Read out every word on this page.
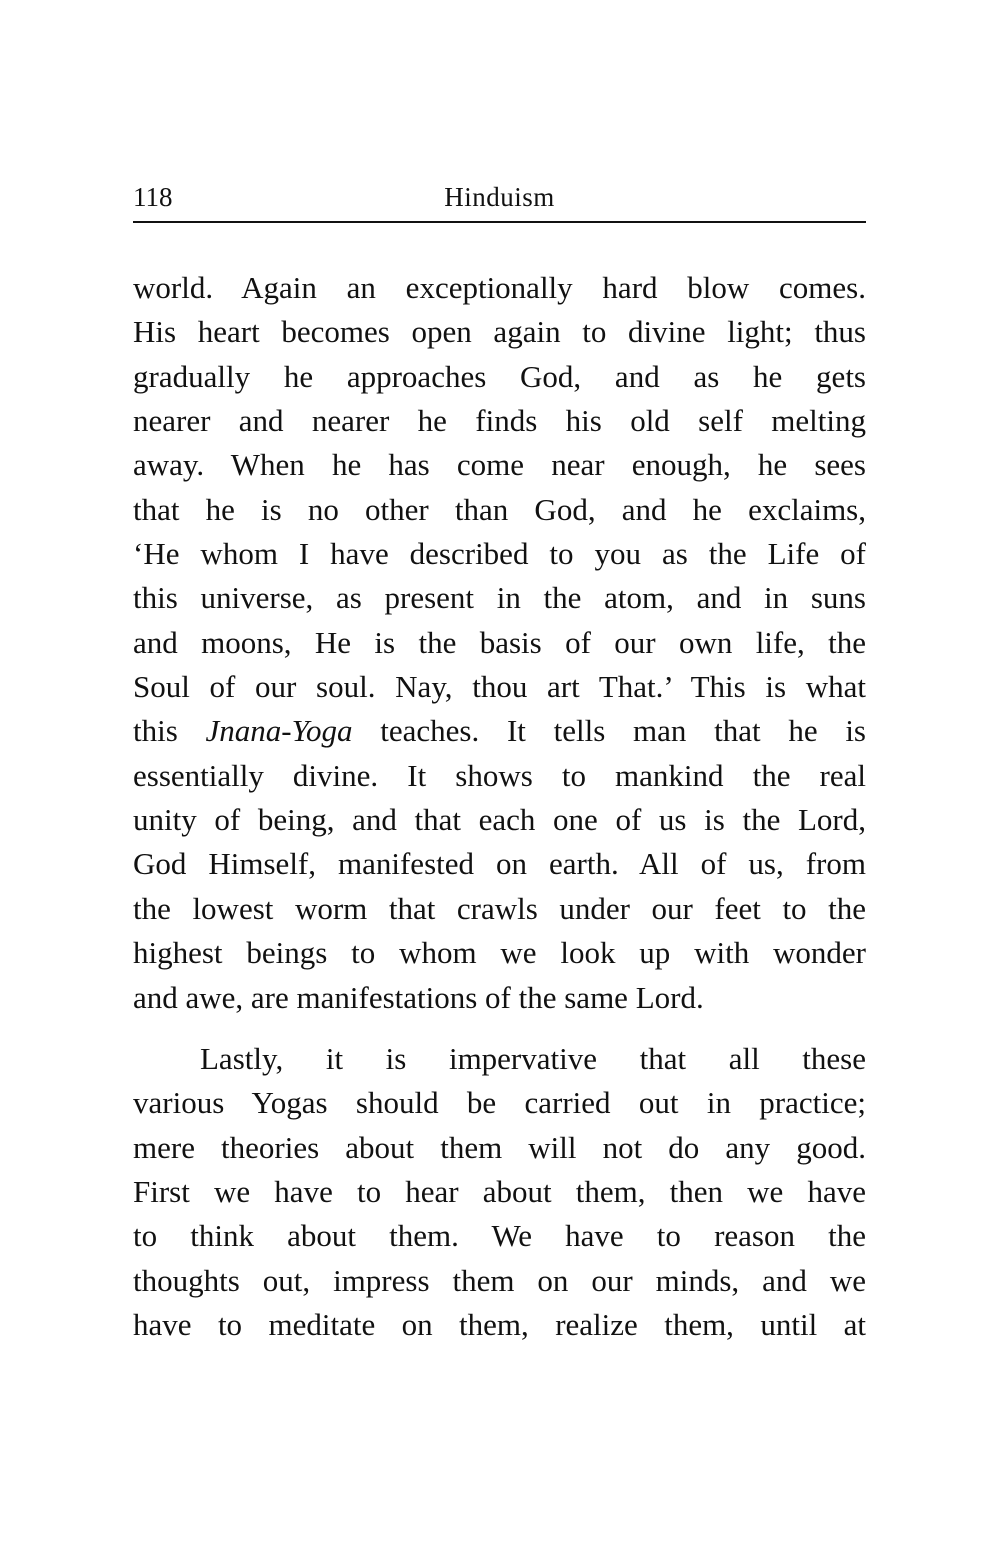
118	Hinduism
world. Again an exceptionally hard blow comes.
His heart becomes open again to divine light; thus
gradually he approaches God, and as he gets
nearer and nearer he finds his old self melting
away. When he has come near enough, he sees
that he is no other than God, and he exclaims,
‘He whom I have described to you as the Life of
this universe, as present in the atom, and in suns
and moons, He is the basis of our own life, the
Soul of our soul. Nay, thou art That.’ This is what
this Jnana-Yoga teaches. It tells man that he is
essentially divine. It shows to mankind the real
unity of being, and that each one of us is the Lord,
God Himself, manifested on earth. All of us, from
the lowest worm that crawls under our feet to the
highest beings to whom we look up with wonder
and awe, are manifestations of the same Lord.
Lastly, it is impervative that all these
various Yogas should be carried out in practice;
mere theories about them will not do any good.
First we have to hear about them, then we have
to think about them. We have to reason the
thoughts out, impress them on our minds, and we
have to meditate on them, realize them, until at
